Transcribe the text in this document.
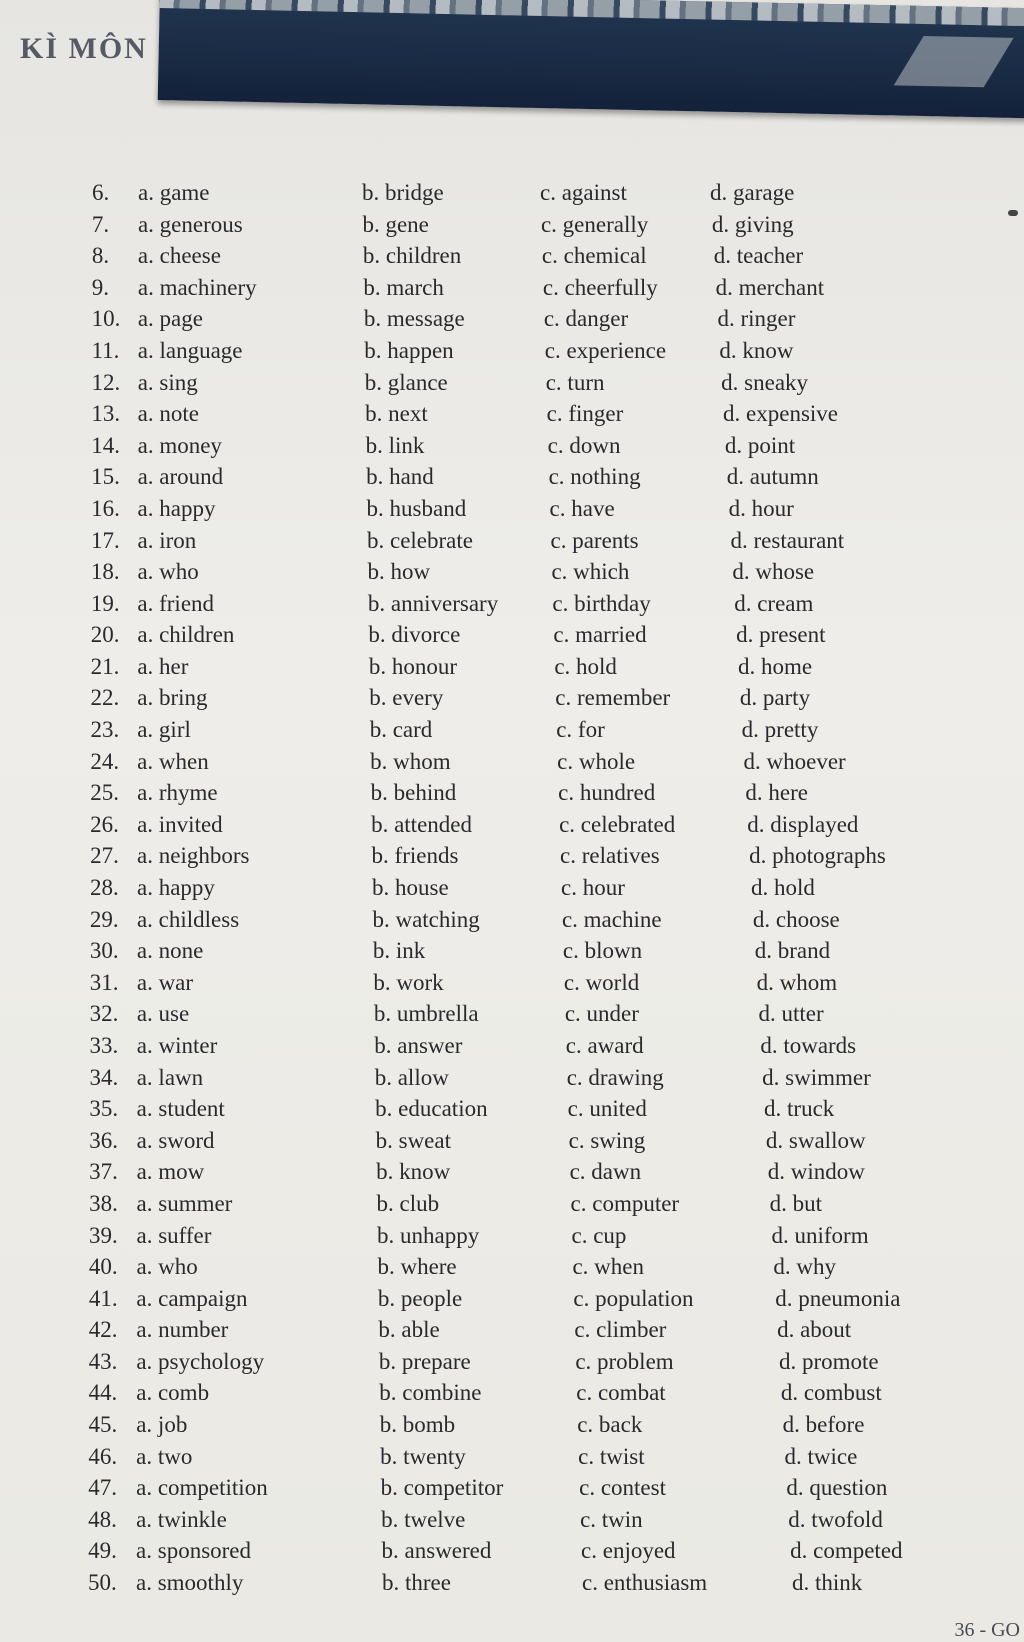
KÌ MÔN
6. a. game	b. bridge	c. against	d. garage
7. a. generous	b. gene	c. generally	d. giving
8. a. cheese	b. children	c. chemical	d. teacher
9. a. machinery	b. march	c. cheerfully	d. merchant
10. a. page	b. message	c. danger	d. ringer
11. a. language	b. happen	c. experience d. know
12. a. sing	b. glance	c. turn	d. sneaky
13. a. note	b. next	c. finger	d. expensive
14. a. money	b. link	c. down	d. point
15. a. around	b. hand	c. nothing	d. autumn
16. a. happy	b. husband	c. have	d. hour
17. a. iron	b. celebrate	c. parents	d. restaurant
18. a. who	b. how	c. which	d. whose
19. a. friend	b. anniversary c. birthday	d. cream
20. a. children	b. divorce	c. married	d. present
21. a. her	b. honour	c. hold	d. home
22. a. bring	b. every	c. remember	d. party
23. a. girl	b. card	c. for	d. pretty
24. a. when	b. whom	c. whole	d. whoever
25. a. rhyme	b. behind	c. hundred	d. here
26. a. invited	b. attended	c. celebrated	d. displayed
27. a. neighbors	b. friends	c. relatives	d. photographs
28. a. happy	b. house	c. hour	d. hold
29. a. childless	b. watching	c. machine	d. choose
30. a. none	b. ink	c. blown	d. brand
31. a. war	b. work	c. world	d. whom
32. a. use	b. umbrella	c. under	d. utter
33. a. winter	b. answer	c. award	d. towards
34. a. lawn	b. allow	c. drawing	d. swimmer
35. a. student	b. education	c. united	d. truck
36. a. sword	b. sweat	c. swing	d. swallow
37. a. mow	b. know	c. dawn	d. window
38. a. summer	b. club	c. computer	d. but
39. a. suffer	b. unhappy	c. cup	d. uniform
40. a. who	b. where	c. when	d. why
41. a. campaign	b. people	c. population	d. pneumonia
42. a. number	b. able	c. climber	d. about
43. a. psychology	b. prepare	c. problem	d. promote
44. a. comb	b. combine	c. combat	d. combust
45. a. job	b. bomb	c. back	d. before
46. a. two	b. twenty	c. twist	d. twice
47. a. competition	b. competitor	c. contest	d. question
48. a. twinkle	b. twelve	c. twin	d. twofold
49. a. sponsored	b. answered	c. enjoyed	d. competed
50. a. smoothly	b. three	c. enthusiasm	d. think
36 - GO
